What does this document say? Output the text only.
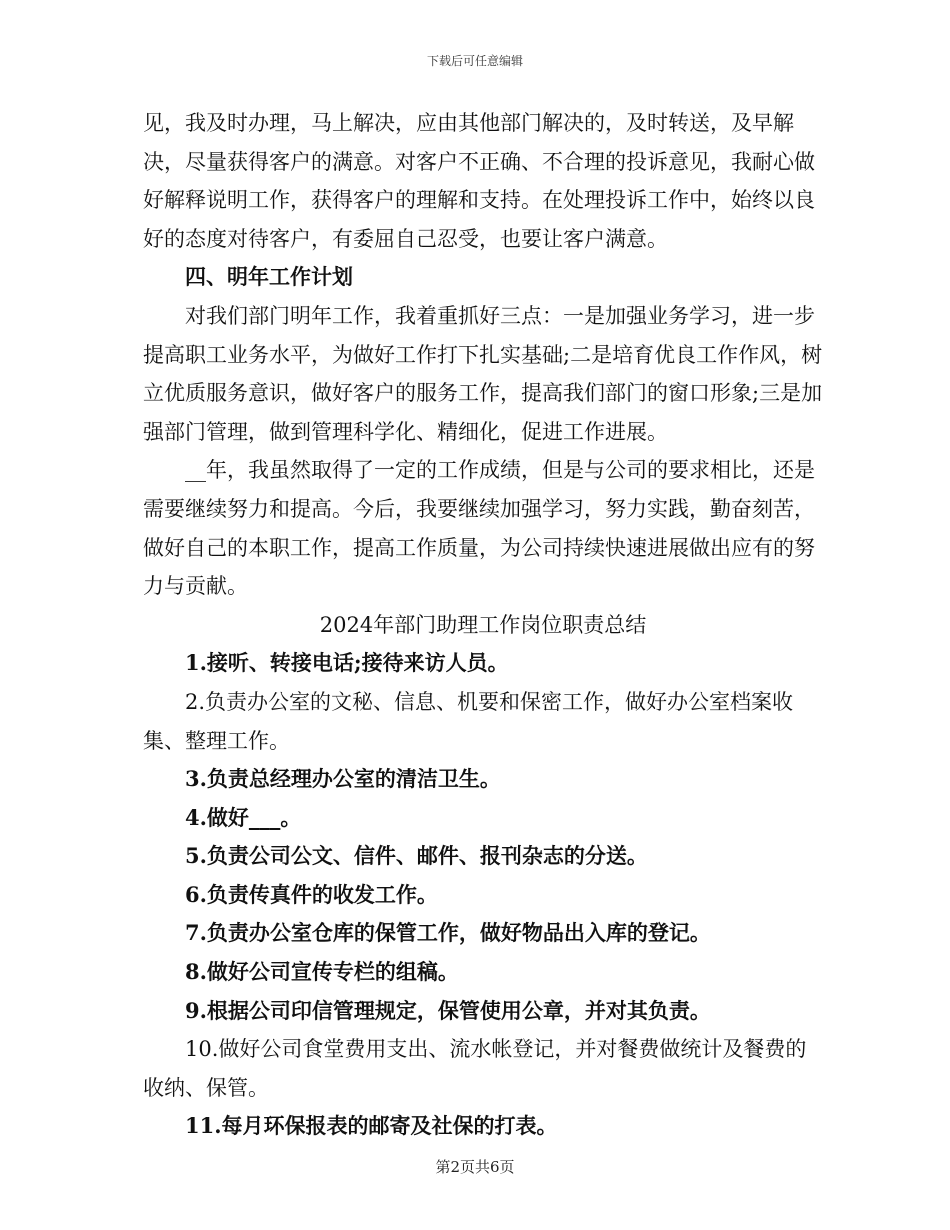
下载后可任意编辑

见，我及时办理，马上解决，应由其他部门解决的，及时转送，及早解决，尽量获得客户的满意。对客户不正确、不合理的投诉意见，我耐心做好解释说明工作，获得客户的理解和支持。在处理投诉工作中，始终以良好的态度对待客户，有委屈自己忍受，也要让客户满意。

四、明年工作计划

对我们部门明年工作，我着重抓好三点：一是加强业务学习，进一步提高职工业务水平，为做好工作打下扎实基础;二是培育优良工作作风，树立优质服务意识，做好客户的服务工作，提高我们部门的窗口形象;三是加强部门管理，做到管理科学化、精细化，促进工作进展。

__年，我虽然取得了一定的工作成绩，但是与公司的要求相比，还是需要继续努力和提高。今后，我要继续加强学习，努力实践，勤奋刻苦，做好自己的本职工作，提高工作质量，为公司持续快速进展做出应有的努力与贡献。

2024年部门助理工作岗位职责总结

1.接听、转接电话;接待来访人员。

2.负责办公室的文秘、信息、机要和保密工作，做好办公室档案收集、整理工作。

3.负责总经理办公室的清洁卫生。

4.做好___。

5.负责公司公文、信件、邮件、报刊杂志的分送。

6.负责传真件的收发工作。

7.负责办公室仓库的保管工作，做好物品出入库的登记。

8.做好公司宣传专栏的组稿。

9.根据公司印信管理规定，保管使用公章，并对其负责。

10.做好公司食堂费用支出、流水帐登记，并对餐费做统计及餐费的收纳、保管。

11.每月环保报表的邮寄及社保的打表。

第2页共6页
